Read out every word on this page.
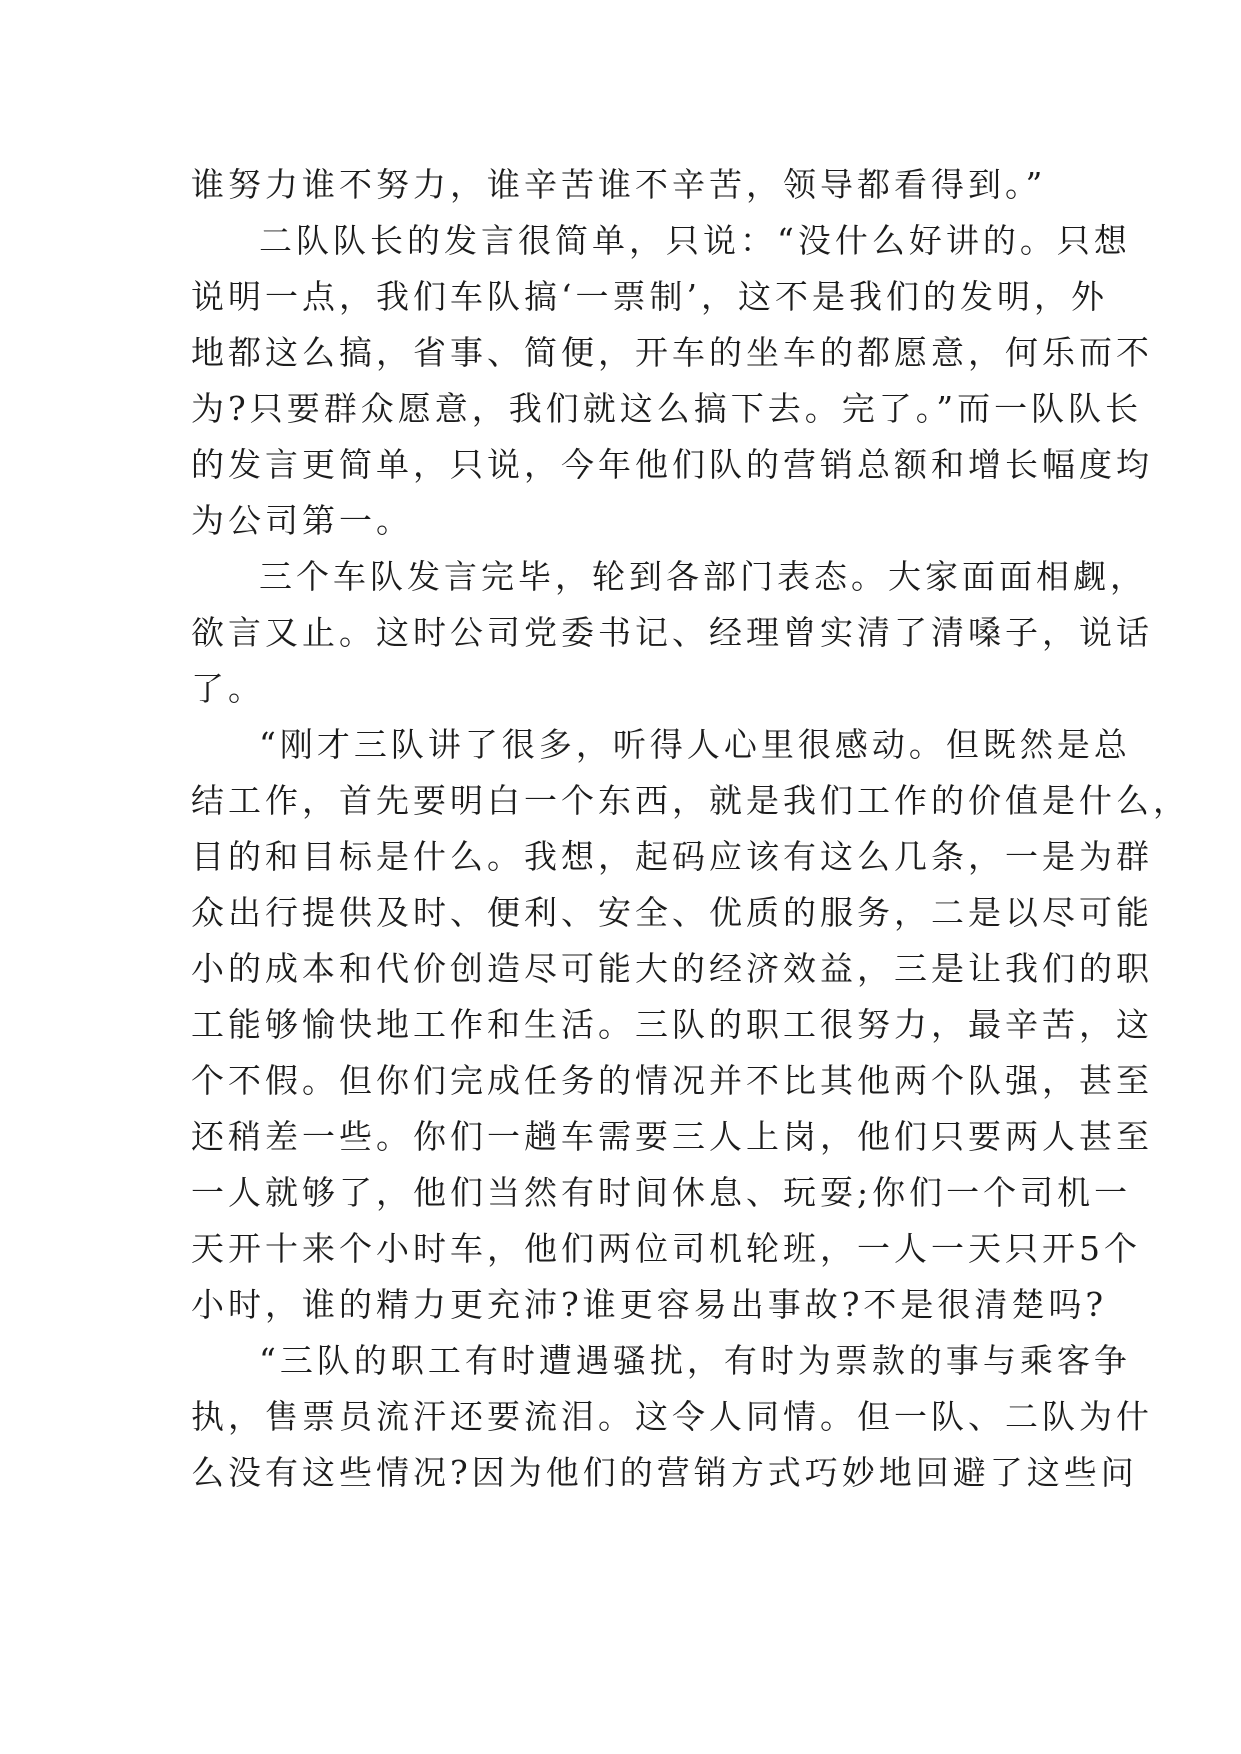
谁努力谁不努力，谁辛苦谁不辛苦，领导都看得到。”
二队队长的发言很简单，只说：“没什么好讲的。只想
说明一点，我们车队搞‘一票制’，这不是我们的发明，外
地都这么搞，省事、简便，开车的坐车的都愿意，何乐而不
为?只要群众愿意，我们就这么搞下去。完了。”而一队队长
的发言更简单，只说，今年他们队的营销总额和增长幅度均
为公司第一。
三个车队发言完毕，轮到各部门表态。大家面面相觑，
欲言又止。这时公司党委书记、经理曾实清了清嗓子，说话
了。
“刚才三队讲了很多，听得人心里很感动。但既然是总
结工作，首先要明白一个东西，就是我们工作的价值是什么，
目的和目标是什么。我想，起码应该有这么几条，一是为群
众出行提供及时、便利、安全、优质的服务，二是以尽可能
小的成本和代价创造尽可能大的经济效益，三是让我们的职
工能够愉快地工作和生活。三队的职工很努力，最辛苦，这
个不假。但你们完成任务的情况并不比其他两个队强，甚至
还稍差一些。你们一趟车需要三人上岗，他们只要两人甚至
一人就够了，他们当然有时间休息、玩耍;你们一个司机一
天开十来个小时车，他们两位司机轮班，一人一天只开5个
小时，谁的精力更充沛?谁更容易出事故?不是很清楚吗?
“三队的职工有时遭遇骚扰，有时为票款的事与乘客争
执，售票员流汗还要流泪。这令人同情。但一队、二队为什
么没有这些情况?因为他们的营销方式巧妙地回避了这些问
